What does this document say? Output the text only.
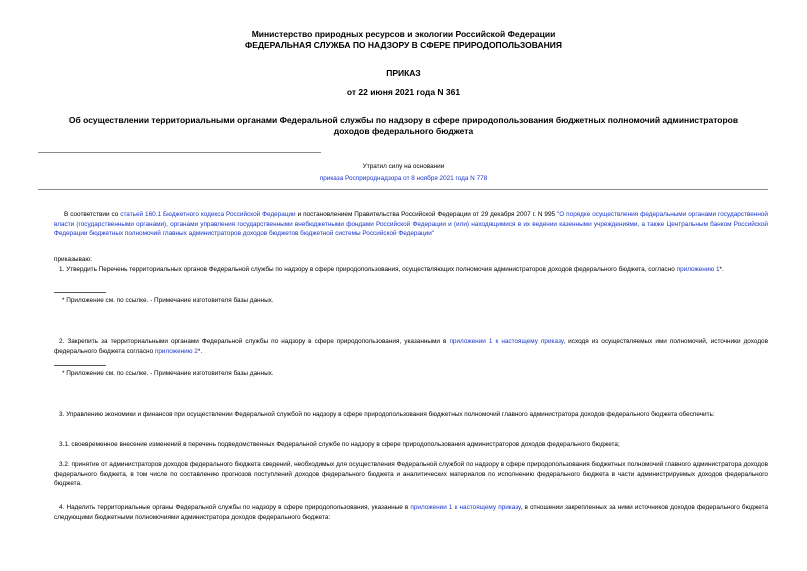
Министерство природных ресурсов и экологии Российской Федерации
ФЕДЕРАЛЬНАЯ СЛУЖБА ПО НАДЗОРУ В СФЕРЕ ПРИРОДОПОЛЬЗОВАНИЯ
ПРИКАЗ
от 22 июня 2021 года N 361
Об осуществлении территориальными органами Федеральной службы по надзору в сфере природопользования бюджетных полномочий администраторов
доходов федерального бюджета
Утратил силу на основании
приказа Росприроднадзора от 8 ноября 2021 года N 778
В соответствии со статьей 160.1 Бюджетного кодекса Российской Федерации и постановлением Правительства Российской Федерации от 29 декабря 2007 г. N 995 "О порядке осуществления федеральными органами государственной власти (государственными органами), органами управления государственными внебюджетными фондами Российской Федерации и (или) находящимися в их ведении казенными учреждениями, а также Центральным банком Российской Федерации бюджетных полномочий главных администраторов доходов бюджетов бюджетной системы Российской Федерации"
приказываю:
1. Утвердить Перечень территориальных органов Федеральной службы по надзору в сфере природопользования, осуществляющих полномочия администраторов доходов федерального бюджета, согласно приложению 1*.
* Приложение см. по ссылке. - Примечание изготовителя базы данных.
2. Закрепить за территориальными органами Федеральной службы по надзору в сфере природопользования, указанными в приложении 1 к настоящему приказу, исходя из осуществляемых ими полномочий, источники доходов федерального бюджета согласно приложению 2*.
* Приложение см. по ссылке. - Примечание изготовителя базы данных.
3. Управлению экономики и финансов при осуществлении Федеральной службой по надзору в сфере природопользования бюджетных полномочий главного администратора доходов федерального бюджета обеспечить:
3.1. своевременное внесение изменений в перечень подведомственных Федеральной службе по надзору в сфере природопользования администраторов доходов федерального бюджета;
3.2. принятие от администраторов доходов федерального бюджета сведений, необходимых для осуществления Федеральной службой по надзору в сфере природопользования бюджетных полномочий главного администратора доходов федерального бюджета, в том числе по составлению прогнозов поступлений доходов федерального бюджета и аналитических материалов по исполнению федерального бюджета в части администрируемых доходов федерального бюджета.
4. Наделить территориальные органы Федеральной службы по надзору в сфере природопользования, указанные в приложении 1 к настоящему приказу, в отношении закрепленных за ними источников доходов федерального бюджета следующими бюджетными полномочиями администратора доходов федерального бюджета:
